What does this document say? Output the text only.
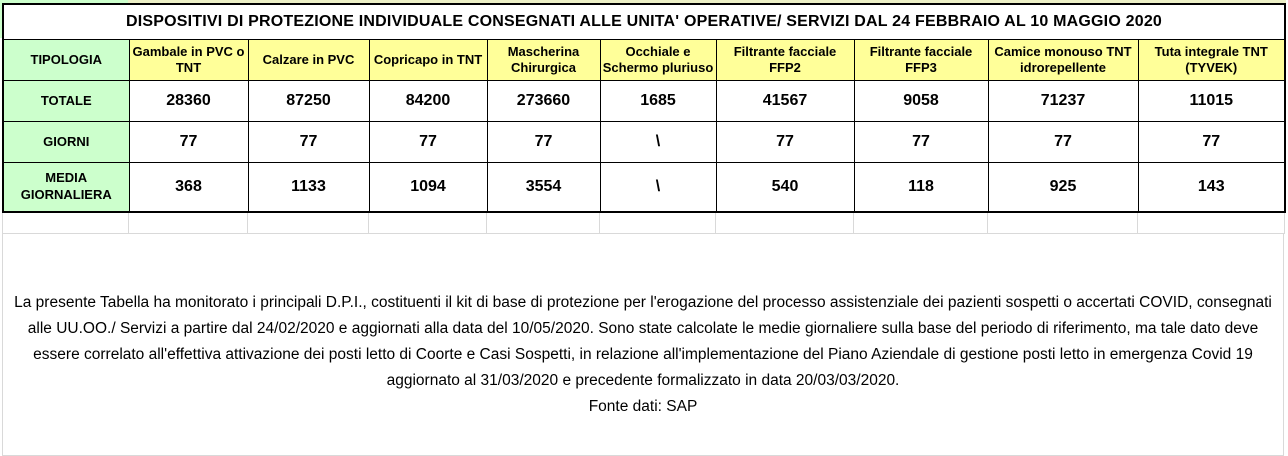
DISPOSITIVI DI PROTEZIONE INDIVIDUALE CONSEGNATI ALLE UNITA' OPERATIVE/ SERVIZI DAL 24 FEBBRAIO AL 10 MAGGIO 2020									
TIPOLOGIA	Gambale in PVC o TNT	Calzare in PVC	Copricapo in TNT	Mascherina Chirurgica	Occhiale e Schermo pluriuso	Filtrante facciale FFP2	Filtrante facciale FFP3	Camice monouso TNT idrorepellente	Tuta integrale TNT (TYVEK)
TOTALE	28360	87250	84200	273660	1685	41567	9058	71237	11015
GIORNI	77	77	77	77	\	77	77	77	77
MEDIA GIORNALIERA	368	1133	1094	3554	\	540	118	925	143

La presente Tabella ha monitorato i principali D.P.I., costituenti il kit di base di protezione per l'erogazione del processo assistenziale dei pazienti sospetti o accertati COVID, consegnati alle UU.OO./ Servizi a partire dal 24/02/2020 e aggiornati alla data del 10/05/2020. Sono state calcolate le medie giornaliere sulla base del periodo di riferimento, ma tale dato deve essere correlato all'effettiva attivazione dei posti letto di Coorte e Casi Sospetti, in relazione all'implementazione del Piano Aziendale di gestione posti letto in emergenza Covid 19 aggiornato al 31/03/2020 e precedente formalizzato in data 20/03/03/2020.

Fonte dati: SAP
